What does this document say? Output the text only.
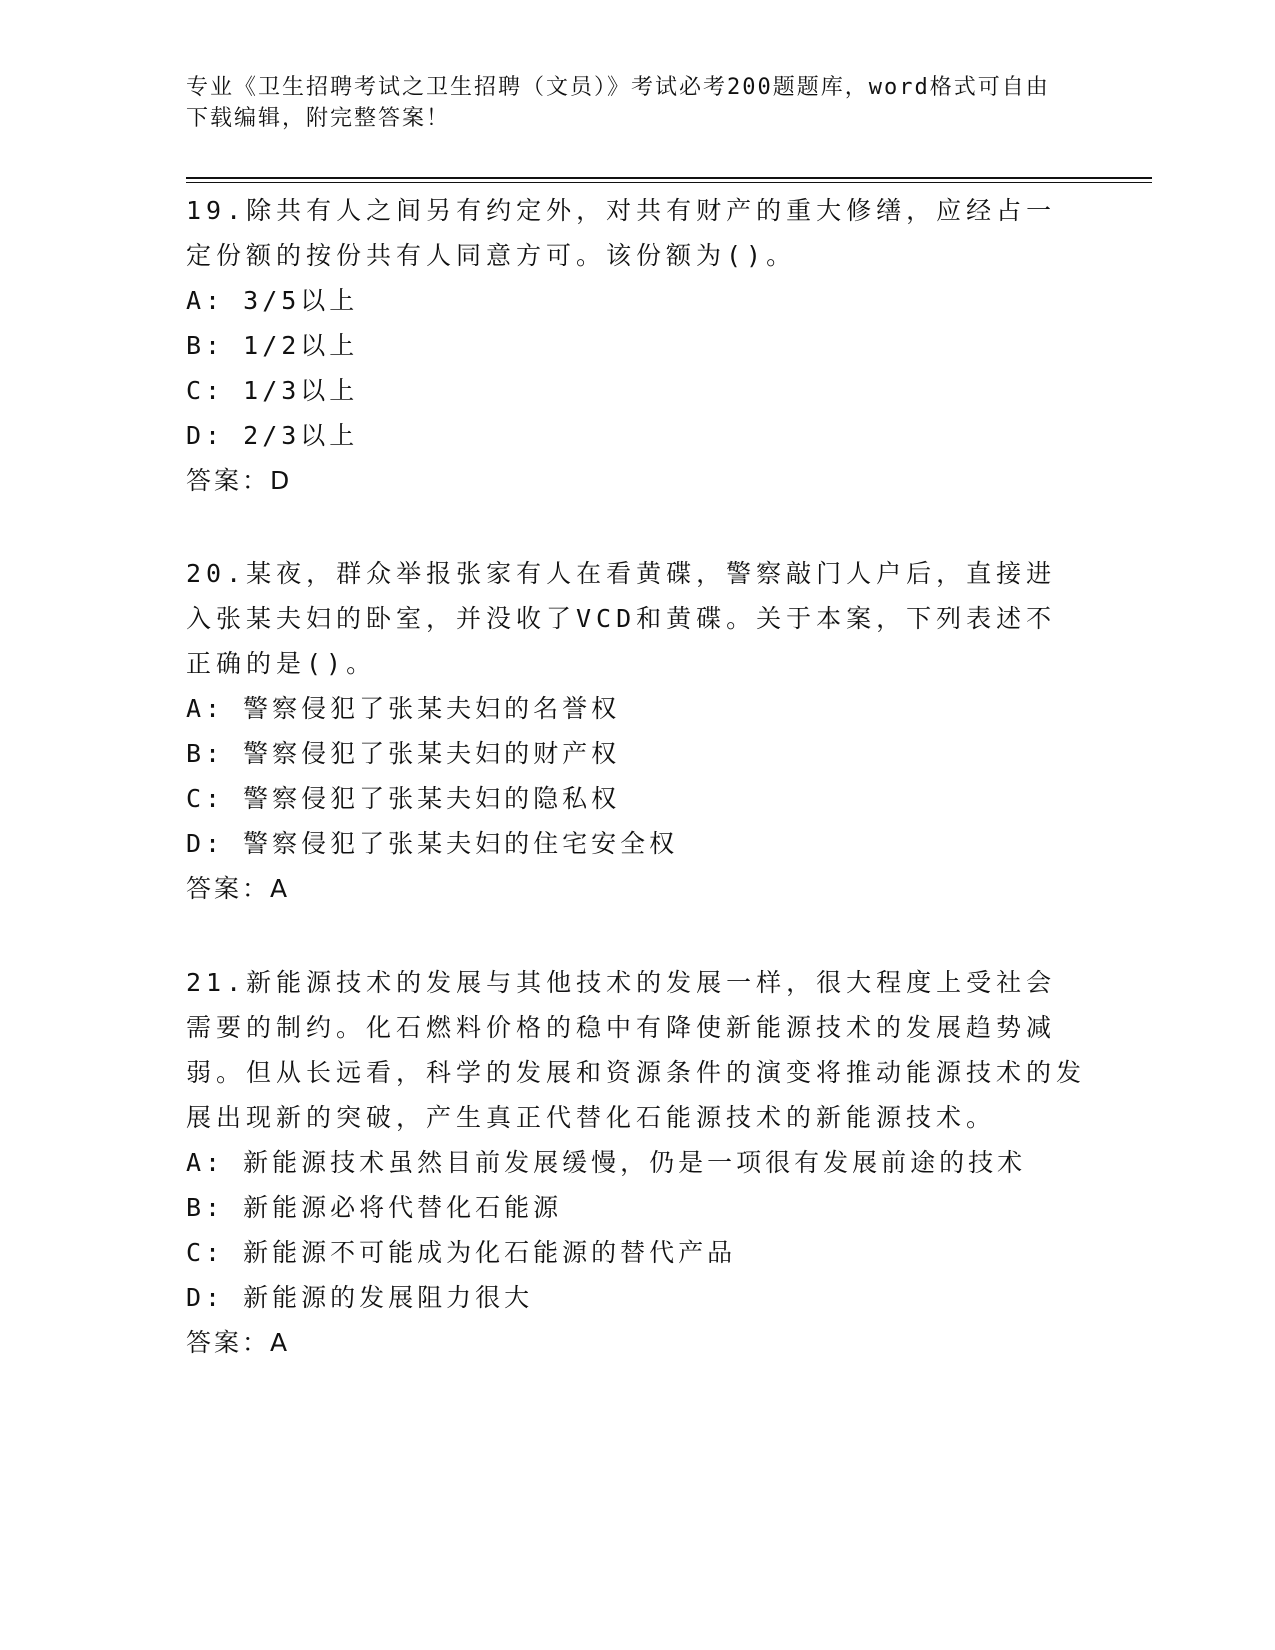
专业《卫生招聘考试之卫生招聘（文员）》考试必考200题题库，word格式可自由下载编辑，附完整答案！
19.除共有人之间另有约定外，对共有财产的重大修缮，应经占一定份额的按份共有人同意方可。该份额为()。
A: 3/5以上
B: 1/2以上
C: 1/3以上
D: 2/3以上
答案：D
20.某夜，群众举报张家有人在看黄碟，警察敲门人户后，直接进入张某夫妇的卧室，并没收了VCD和黄碟。关于本案，下列表述不正确的是()。
A: 警察侵犯了张某夫妇的名誉权
B: 警察侵犯了张某夫妇的财产权
C: 警察侵犯了张某夫妇的隐私权
D: 警察侵犯了张某夫妇的住宅安全权
答案：A
21.新能源技术的发展与其他技术的发展一样，很大程度上受社会需要的制约。化石燃料价格的稳中有降使新能源技术的发展趋势减弱。但从长远看，科学的发展和资源条件的演变将推动能源技术的发展出现新的突破，产生真正代替化石能源技术的新能源技术。
A: 新能源技术虽然目前发展缓慢，仍是一项很有发展前途的技术
B: 新能源必将代替化石能源
C: 新能源不可能成为化石能源的替代产品
D: 新能源的发展阻力很大
答案：A
